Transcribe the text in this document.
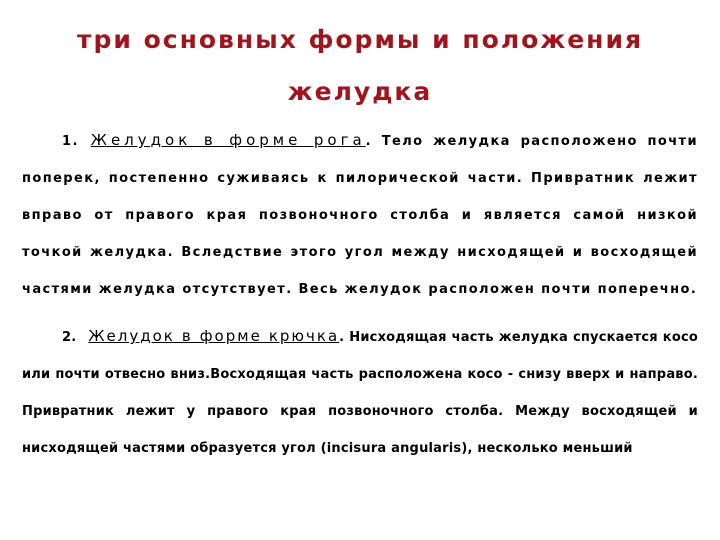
три основных формы и положения
желудка

1. Желудок в форме рога. Тело желудка расположено почти поперек, постепенно суживаясь к пилорической части. Привратник лежит вправо от правого края позвоночного столба и является самой низкой точкой желудка. Вследствие этого угол между нисходящей и восходящей частями желудка отсутствует. Весь желудок расположен почти поперечно.

2. Желудок в форме крючка. Нисходящая часть желудка спускается косо или почти отвесно вниз.Восходящая часть расположена косо - снизу вверх и направо. Привратник лежит у правого края позвоночного столба. Между восходящей и нисходящей частями образуется угол (incisura angularis), несколько меньший
